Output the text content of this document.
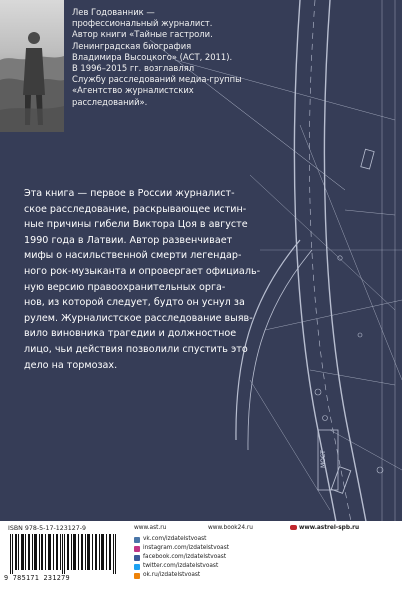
МОСТ
Лев Годованник —
профессиональный журналист.
Автор книги «Тайные гастроли.
Ленинградская биография
Владимира Высоцкого» (АСТ, 2011).
В 1996–2015 гг. возглавлял
Службу расследований медиа-группы
«Агентство журналистских
расследований».
Эта книга — первое в России журналист-
ское расследование, раскрывающее истин-
ные причины гибели Виктора Цоя в августе
1990 года в Латвии. Автор развенчивает
мифы о насильственной смерти легендар-
ного рок-музыканта и опровергает официаль-
ную версию правоохранительных орга-
нов, из которой следует, будто он уснул за
рулем. Журналистское расследование выяв-
вило виновника трагедии и должностное
лицо, чьи действия позволили спустить это
дело на тормозах.
ISBN 978-5-17-123127-9
9 785171 231279
www.ast.ru	www.book24.ru	www.astrel-spb.ru
vk.com/izdatelstvoast
instagram.com/izdatelstvoast
facebook.com/izdatelstvoast
twitter.com/izdatelstvoast
ok.ru/izdatelstvoast
